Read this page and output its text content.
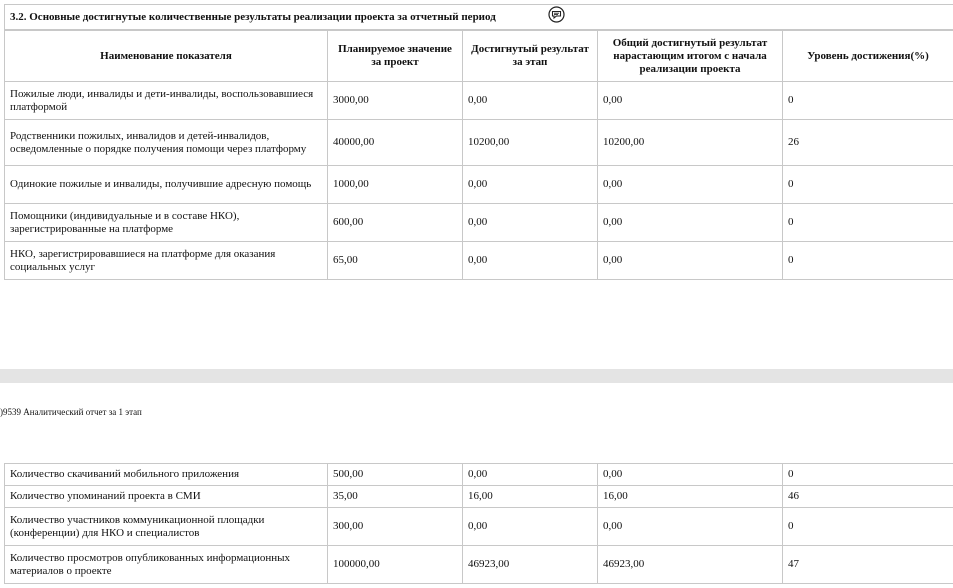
3.2. Основные достигнутые количественные результаты реализации проекта за отчетный период
Наименование показателя	Планируемое значение за проект	Достигнутый результат за этап	Общий достигнутый результат нарастающим итогом с начала реализации проекта	Уровень достижения(%)
Пожилые люди, инвалиды и дети-инвалиды, воспользовавшиеся платформой	3000,00	0,00	0,00	0
Родственники пожилых, инвалидов и детей-инвалидов, осведомленные о порядке получения помощи через платформу	40000,00	10200,00	10200,00	26
Одинокие пожилые и инвалиды, получившие адресную помощь	1000,00	0,00	0,00	0
Помощники (индивидуальные и в составе НКО), зарегистрированные на платформе	600,00	0,00	0,00	0
НКО, зарегистрировавшиеся на платформе для оказания социальных услуг	65,00	0,00	0,00	0
)9539 Аналитический отчет за 1 этап
Количество скачиваний мобильного приложения	500,00	0,00	0,00	0
Количество упоминаний проекта в СМИ	35,00	16,00	16,00	46
Количество участников коммуникационной площадки (конференции) для НКО и специалистов	300,00	0,00	0,00	0
Количество просмотров опубликованных информационных материалов о проекте	100000,00	46923,00	46923,00	47
